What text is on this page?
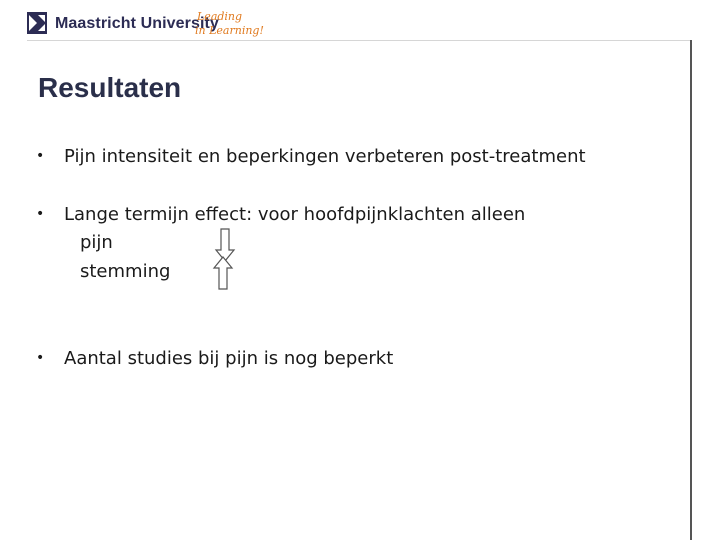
Maastricht University
Leading
in Learning!
Resultaten
• Pijn intensiteit en beperkingen verbeteren post-treatment
• Lange termijn effect: voor hoofdpijnklachten alleen
pijn
stemming
• Aantal studies bij pijn is nog beperkt
